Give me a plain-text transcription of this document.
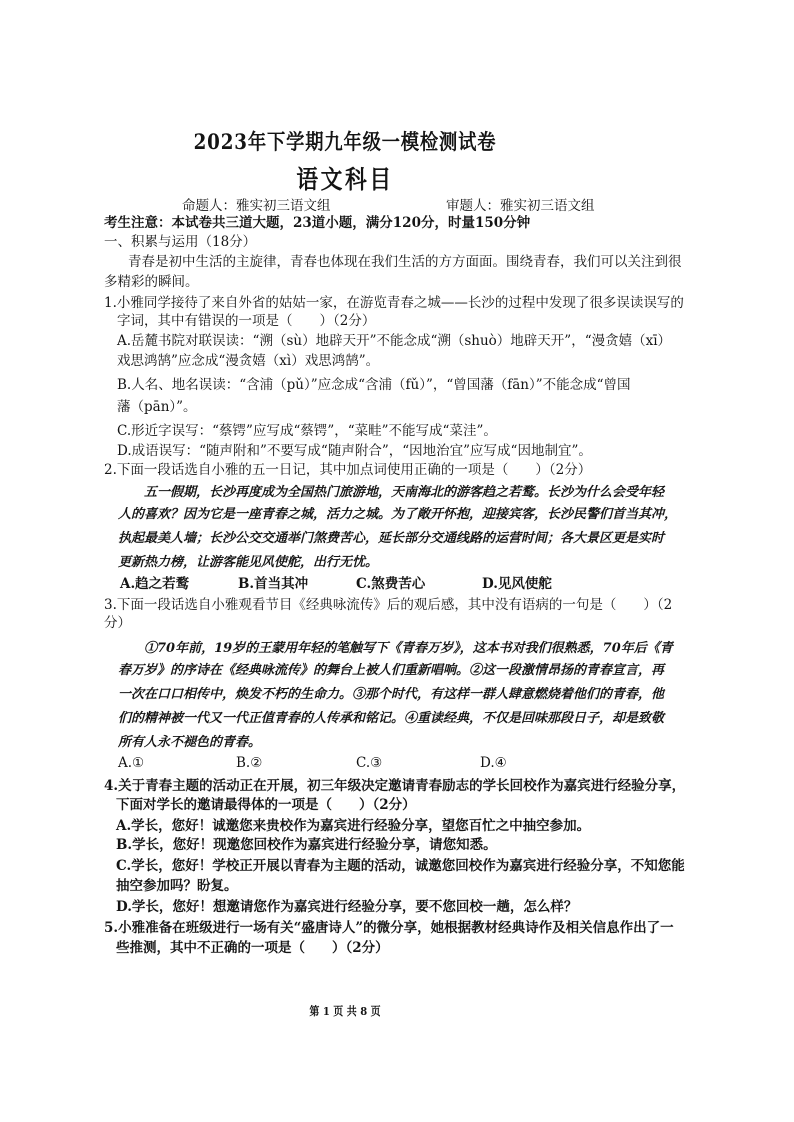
2023年下学期九年级一模检测试卷
语文科目
命题人：雅实初三语文组	审题人：雅实初三语文组
考生注意：本试卷共三道大题，23道小题，满分120分，时量150分钟
一、积累与运用（18分）
青春是初中生活的主旋律，青春也体现在我们生活的方方面面。围绕青春，我们可以关注到很
多精彩的瞬间。
1.小雅同学接待了来自外省的姑姑一家，在游览青春之城——长沙的过程中发现了很多误读误写的
字词，其中有错误的一项是（　　）（2分）
A.岳麓书院对联误读：“溯（sù）地辟天开”不能念成“溯（shuò）地辟天开”，“漫贪嬉（xī）
戏思鸿鹄”应念成“漫贪嬉（xì）戏思鸿鹄”。
B.人名、地名误读：“含浦（pǔ）”应念成“含浦（fǔ）”，“曾国藩（fān）”不能念成“曾国
藩（pān）”。
C.形近字误写：“蔡锷”应写成“蔡锷”，“菜畦”不能写成“菜洼”。
D.成语误写：“随声附和”不要写成“随声附合”，“因地治宜”应写成“因地制宜”。
2.下面一段话选自小雅的五一日记，其中加点词使用正确的一项是（　　）（2分）
五一假期，长沙再度成为全国热门旅游地，天南海北的游客趋之若鹜。长沙为什么会受年轻
人的喜欢？因为它是一座青春之城，活力之城。为了敞开怀抱，迎接宾客，长沙民警们首当其冲，
执起最美人墙；长沙公交交通举门煞费苦心，延长部分交通线路的运营时间；各大景区更是实时
更新热力榜，让游客能见风使舵，出行无忧。
A.趋之若鹜	B.首当其冲	C.煞费苦心	D.见风使舵
3.下面一段话选自小雅观看节目《经典咏流传》后的观后感，其中没有语病的一句是（　　）（2
分）
①70年前，19岁的王蒙用年轻的笔触写下《青春万岁》，这本书对我们很熟悉，70年后《青
春万岁》的序诗在《经典咏流传》的舞台上被人们重新唱响。②这一段激情昂扬的青春宣言，再
一次在口口相传中，焕发不朽的生命力。③那个时代，有这样一群人肆意燃烧着他们的青春，他
们的精神被一代又一代正值青春的人传承和铭记。④重读经典，不仅是回味那段日子，却是致敬
所有人永不褪色的青春。
A.①	B.②	C.③	D.④
4.关于青春主题的活动正在开展，初三年级决定邀请青春励志的学长回校作为嘉宾进行经验分享，
下面对学长的邀请最得体的一项是（　　）（2分）
A.学长，您好！诚邀您来贵校作为嘉宾进行经验分享，望您百忙之中抽空参加。
B.学长，您好！现邀您回校作为嘉宾进行经验分享，请您知悉。
C.学长，您好！学校正开展以青春为主题的活动，诚邀您回校作为嘉宾进行经验分享，不知您能
抽空参加吗？盼复。
D.学长，您好！想邀请您作为嘉宾进行经验分享，要不您回校一趟，怎么样？
5.小雅准备在班级进行一场有关“盛唐诗人”的微分享，她根据教材经典诗作及相关信息作出了一
些推测，其中不正确的一项是（　　）（2分）
第 1 页 共 8 页
